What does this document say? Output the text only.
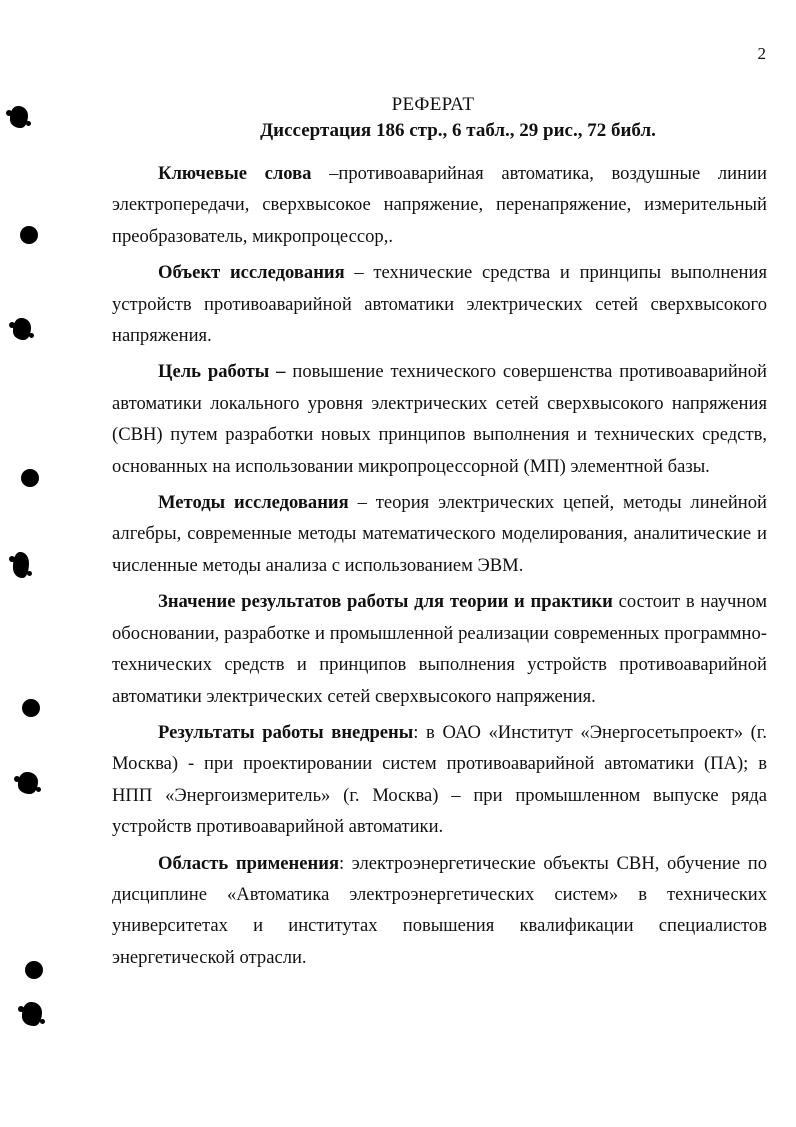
2
РЕФЕРАТ
Диссертация 186 стр., 6 табл., 29 рис., 72 библ.

Ключевые слова –противоаварийная автоматика, воздушные линии электропередачи, сверхвысокое напряжение, перенапряжение, измерительный преобразователь, микропроцессор,.

Объект исследования – технические средства и принципы выполнения устройств противоаварийной автоматики электрических сетей сверхвысокого напряжения.

Цель работы – повышение технического совершенства противоаварийной автоматики локального уровня электрических сетей сверхвысокого напряжения (СВН) путем разработки новых принципов выполнения и технических средств, основанных на использовании микропроцессорной (МП) элементной базы.

Методы исследования – теория электрических цепей, методы линейной алгебры, современные методы математического моделирования, аналитические и численные методы анализа с использованием ЭВМ.

Значение результатов работы для теории и практики состоит в научном обосновании, разработке и промышленной реализации современных программно-технических средств и принципов выполнения устройств противоаварийной автоматики электрических сетей сверхвысокого напряжения.

Результаты работы внедрены: в ОАО «Институт «Энергосетьпроект» (г. Москва) - при проектировании систем противоаварийной автоматики (ПА); в НПП «Энергоизмеритель» (г. Москва) – при промышленном выпуске ряда устройств противоаварийной автоматики.

Область применения: электроэнергетические объекты СВН, обучение по дисциплине «Автоматика электроэнергетических систем» в технических университетах и институтах повышения квалификации специалистов энергетической отрасли.
